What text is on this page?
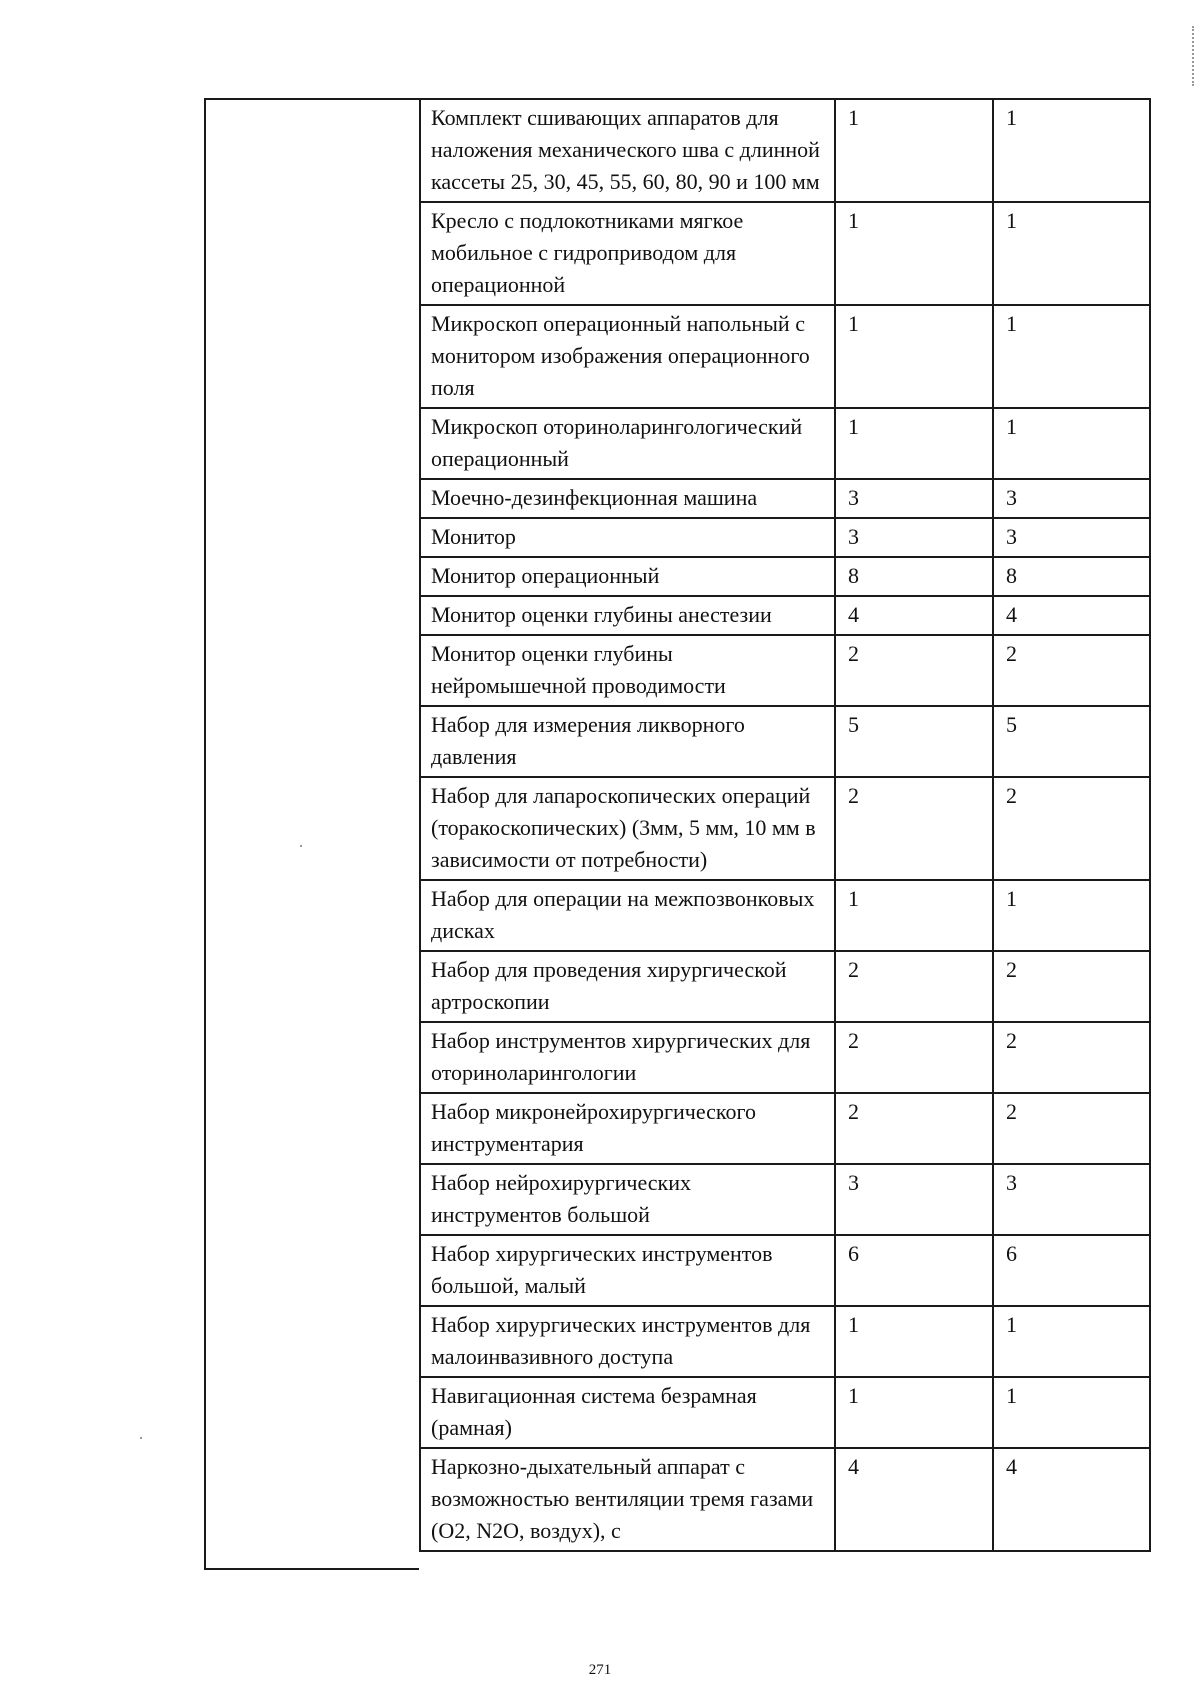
Комплект сшивающих аппаратов для наложения механического шва с длинной кассеты 25, 30, 45, 55, 60, 80, 90 и 100 мм	1	1
Кресло с подлокотниками мягкое мобильное с гидроприводом для операционной	1	1
Микроскоп операционный напольный с монитором изображения операционного поля	1	1
Микроскоп оториноларингологический операционный	1	1
Моечно-дезинфекционная машина	3	3
Монитор	3	3
Монитор операционный	8	8
Монитор оценки глубины анестезии	4	4
Монитор оценки глубины нейромышечной проводимости	2	2
Набор для измерения ликворного давления	5	5
Набор для лапароскопических операций (торакоскопических) (3мм, 5 мм, 10 мм в зависимости от потребности)	2	2
Набор для операции на межпозвонковых дисках	1	1
Набор для проведения хирургической артроскопии	2	2
Набор инструментов хирургических для оториноларингологии	2	2
Набор микронейрохирургического инструментария	2	2
Набор нейрохирургических инструментов большой	3	3
Набор хирургических инструментов большой, малый	6	6
Набор хирургических инструментов для малоинвазивного доступа	1	1
Навигационная система безрамная (рамная)	1	1
Наркозно-дыхательный аппарат с возможностью вентиляции тремя газами (О2, N2O, воздух), с	4	4
271
